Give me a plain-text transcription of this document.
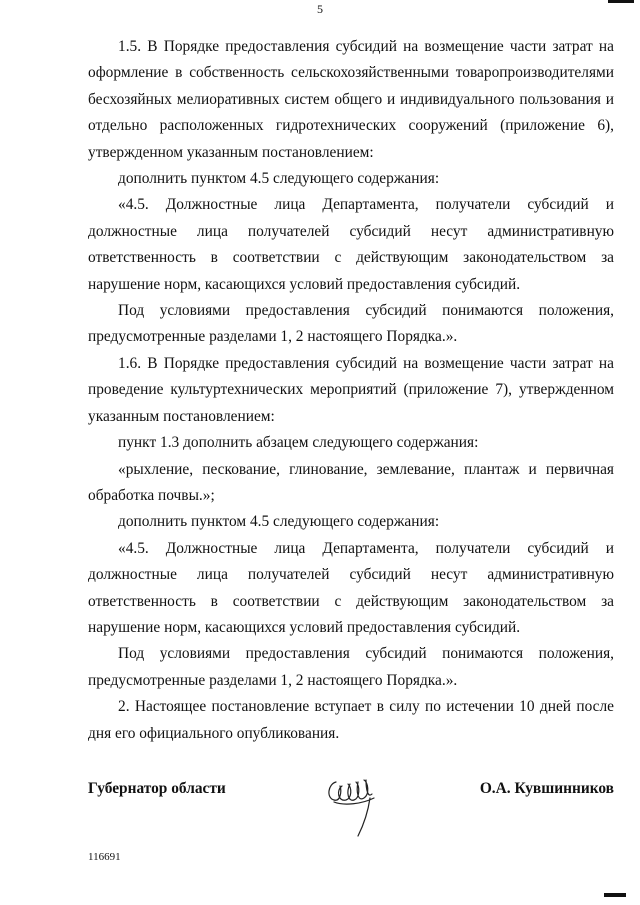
5

1.5. В Порядке предоставления субсидий на возмещение части затрат на оформление в собственность сельскохозяйственными товаропроизводителями бесхозяйных мелиоративных систем общего и индивидуального пользования и отдельно расположенных гидротехнических сооружений (приложение 6), утвержденном указанным постановлением:

дополнить пунктом 4.5 следующего содержания:

«4.5. Должностные лица Департамента, получатели субсидий и должностные лица получателей субсидий несут административную ответственность в соответствии с действующим законодательством за нарушение норм, касающихся условий предоставления субсидий.

Под условиями предоставления субсидий понимаются положения, предусмотренные разделами 1, 2 настоящего Порядка.».

1.6. В Порядке предоставления субсидий на возмещение части затрат на проведение культуртехнических мероприятий (приложение 7), утвержденном указанным постановлением:

пункт 1.3 дополнить абзацем следующего содержания:

«рыхление, пескование, глинование, землевание, плантаж и первичная обработка почвы.»;

дополнить пунктом 4.5 следующего содержания:

«4.5. Должностные лица Департамента, получатели субсидий и должностные лица получателей субсидий несут административную ответственность в соответствии с действующим законодательством за нарушение норм, касающихся условий предоставления субсидий.

Под условиями предоставления субсидий понимаются положения, предусмотренные разделами 1, 2 настоящего Порядка.».

2. Настоящее постановление вступает в силу по истечении 10 дней после дня его официального опубликования.

Губернатор области	О.А. Кувшинников
116691
